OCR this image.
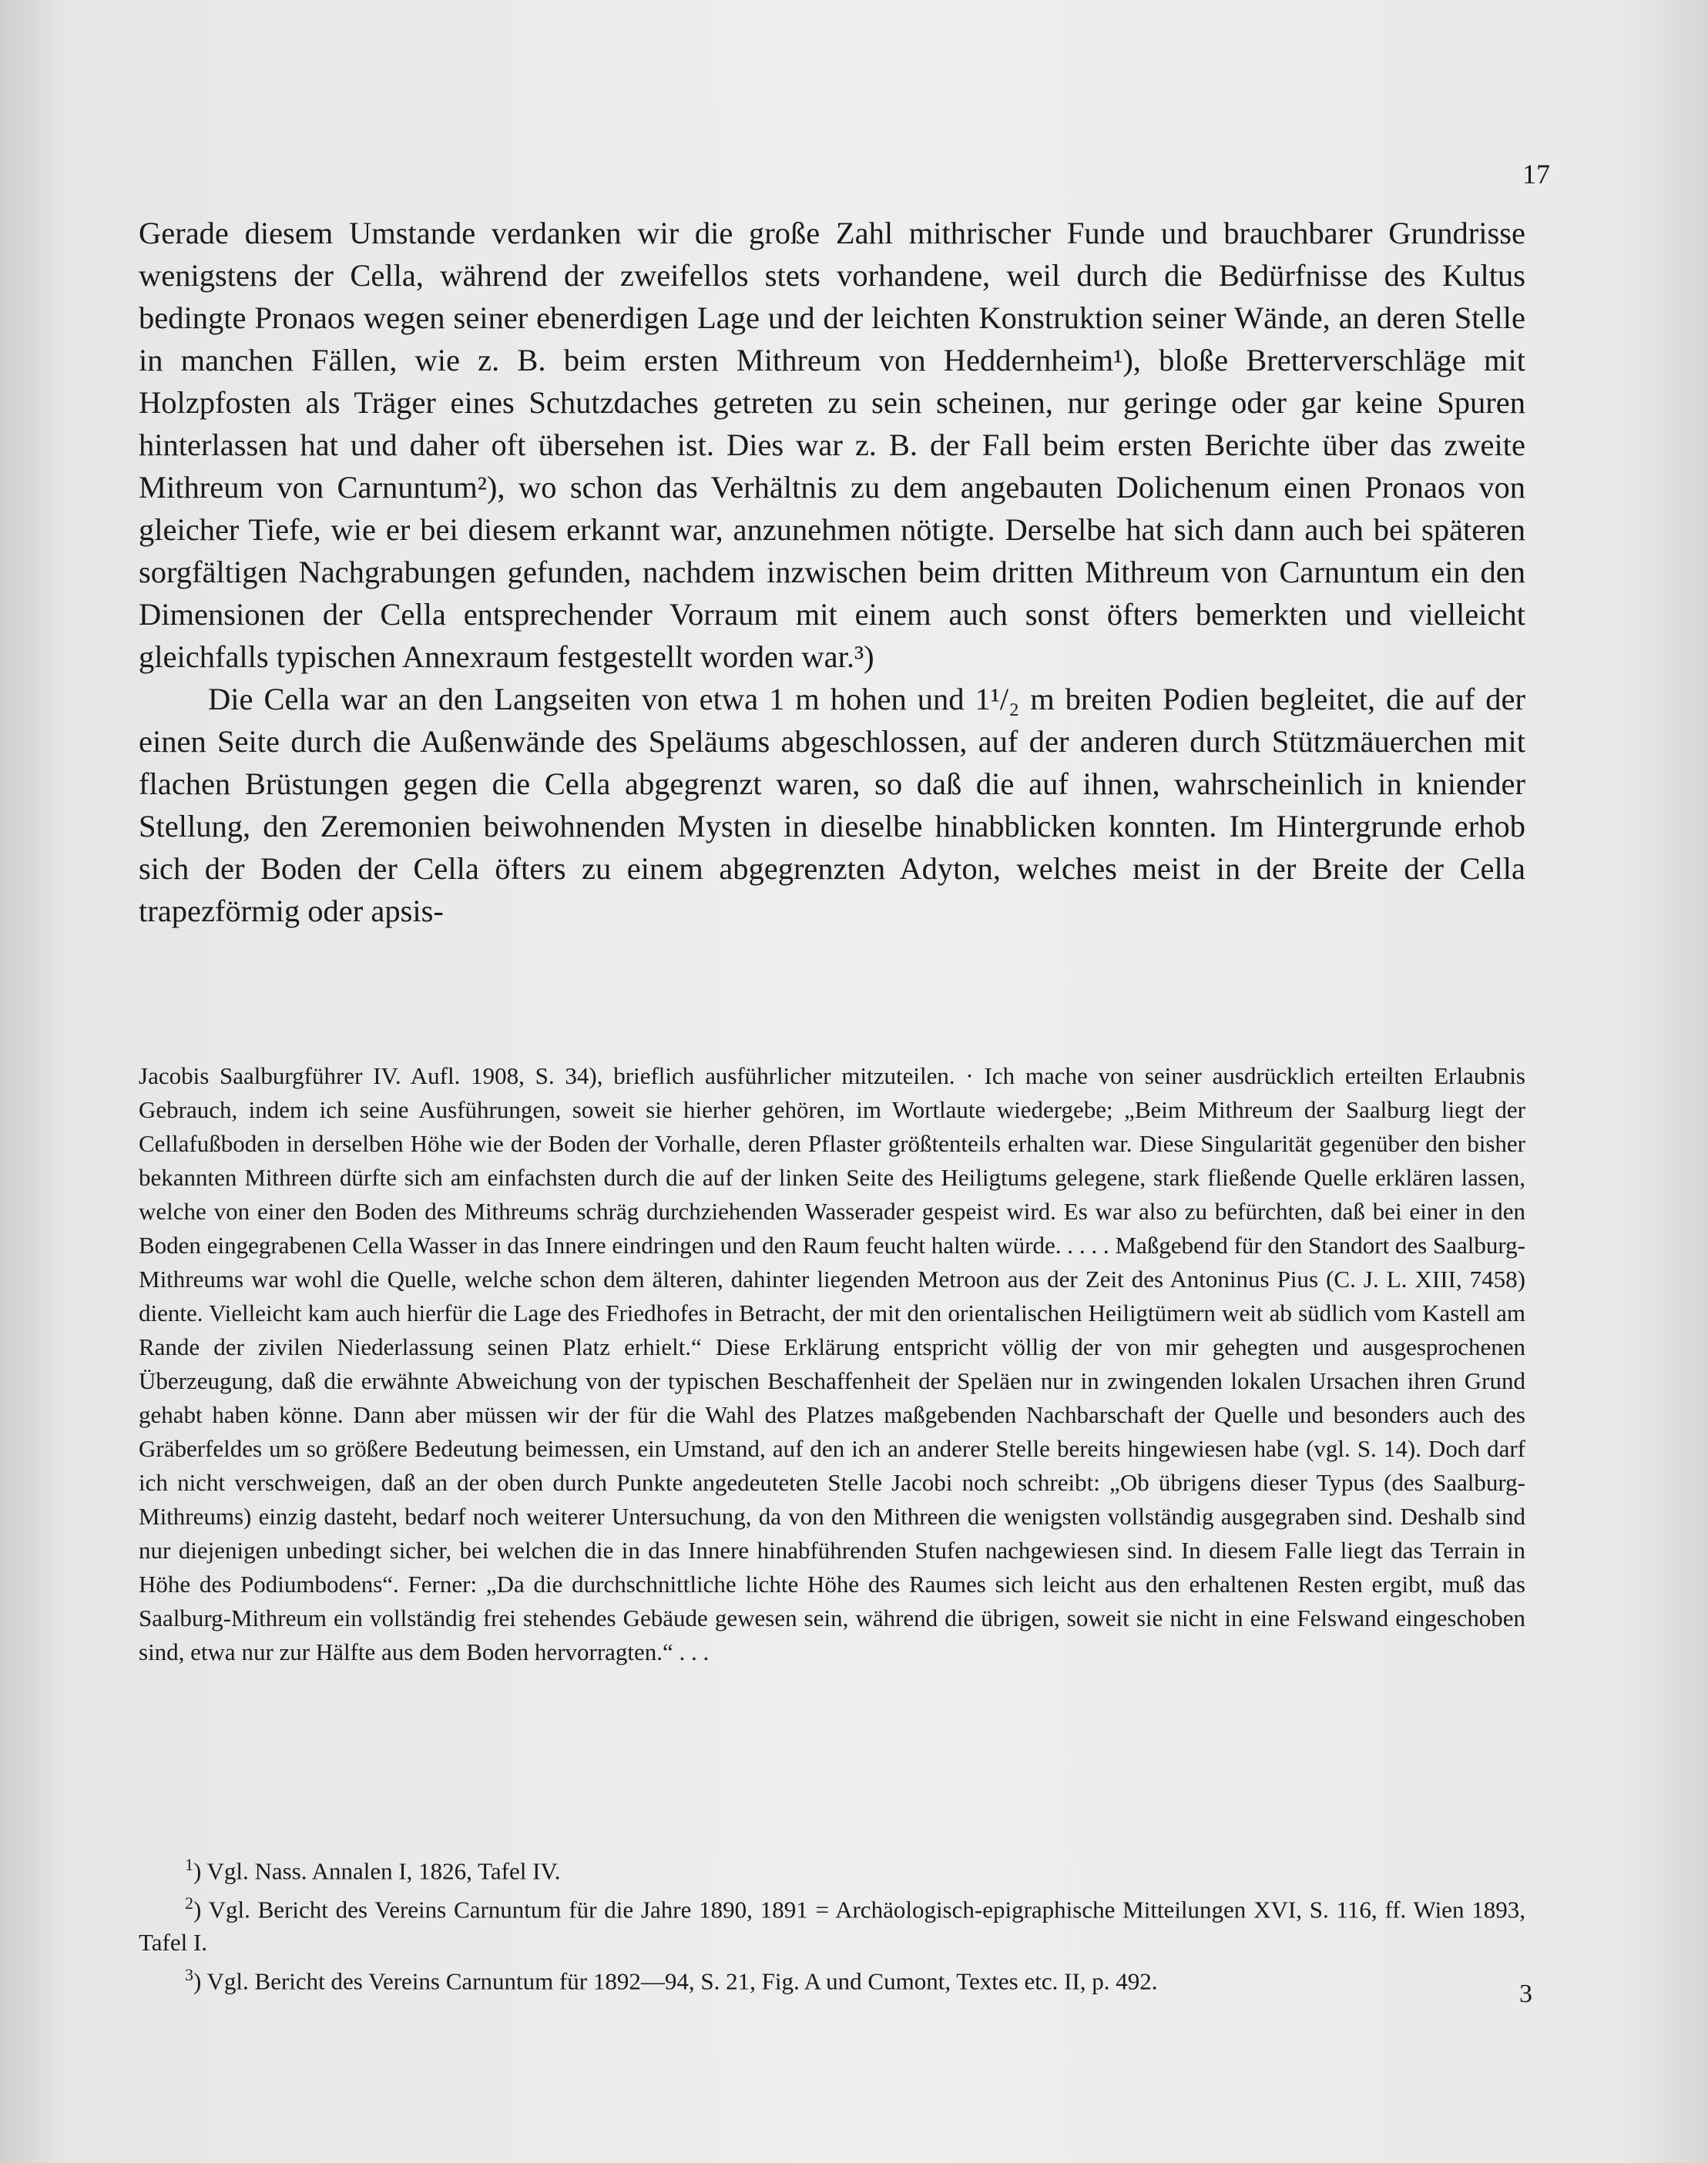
17

Gerade diesem Umstande verdanken wir die große Zahl mithrischer Funde und brauchbarer Grundrisse wenigstens der Cella, während der zweifellos stets vorhandene, weil durch die Bedürfnisse des Kultus bedingte Pronaos wegen seiner ebenerdigen Lage und der leichten Konstruktion seiner Wände, an deren Stelle in manchen Fällen, wie z. B. beim ersten Mithreum von Heddernheim¹), bloße Bretterverschläge mit Holzpfosten als Träger eines Schutzdaches getreten zu sein scheinen, nur geringe oder gar keine Spuren hinterlassen hat und daher oft übersehen ist. Dies war z. B. der Fall beim ersten Berichte über das zweite Mithreum von Carnuntum²), wo schon das Verhältnis zu dem angebauten Dolichenum einen Pronaos von gleicher Tiefe, wie er bei diesem erkannt war, anzunehmen nötigte. Derselbe hat sich dann auch bei späteren sorgfältigen Nachgrabungen gefunden, nachdem inzwischen beim dritten Mithreum von Carnuntum ein den Dimensionen der Cella entsprechender Vorraum mit einem auch sonst öfters bemerkten und vielleicht gleichfalls typischen Annexraum festgestellt worden war.³)

Die Cella war an den Langseiten von etwa 1 m hohen und 1¹/₂ m breiten Podien begleitet, die auf der einen Seite durch die Außenwände des Speläums abgeschlossen, auf der anderen durch Stützmäuerchen mit flachen Brüstungen gegen die Cella abgegrenzt waren, so daß die auf ihnen, wahrscheinlich in kniender Stellung, den Zeremonien beiwohnenden Mysten in dieselbe hinabblicken konnten. Im Hintergrunde erhob sich der Boden der Cella öfters zu einem abgegrenzten Adyton, welches meist in der Breite der Cella trapezförmig oder apsis-

Jacobis Saalburgführer IV. Aufl. 1908, S. 34), brieflich ausführlicher mitzuteilen. · Ich mache von seiner ausdrücklich erteilten Erlaubnis Gebrauch, indem ich seine Ausführungen, soweit sie hierher gehören, im Wortlaute wiedergebe; „Beim Mithreum der Saalburg liegt der Cellafußboden in derselben Höhe wie der Boden der Vorhalle, deren Pflaster größtenteils erhalten war. Diese Singularität gegenüber den bisher bekannten Mithreen dürfte sich am einfachsten durch die auf der linken Seite des Heiligtums gelegene, stark fließende Quelle erklären lassen, welche von einer den Boden des Mithreums schräg durchziehenden Wasserader gespeist wird. Es war also zu befürchten, daß bei einer in den Boden eingegrabenen Cella Wasser in das Innere eindringen und den Raum feucht halten würde. . . . . Maßgebend für den Standort des Saalburg-Mithreums war wohl die Quelle, welche schon dem älteren, dahinter liegenden Metroon aus der Zeit des Antoninus Pius (C. J. L. XIII, 7458) diente. Vielleicht kam auch hierfür die Lage des Friedhofes in Betracht, der mit den orientalischen Heiligtümern weit ab südlich vom Kastell am Rande der zivilen Niederlassung seinen Platz erhielt.“ Diese Erklärung entspricht völlig der von mir gehegten und ausgesprochenen Überzeugung, daß die erwähnte Abweichung von der typischen Beschaffenheit der Speläen nur in zwingenden lokalen Ursachen ihren Grund gehabt haben könne. Dann aber müssen wir der für die Wahl des Platzes maßgebenden Nachbarschaft der Quelle und besonders auch des Gräberfeldes um so größere Bedeutung beimessen, ein Umstand, auf den ich an anderer Stelle bereits hingewiesen habe (vgl. S. 14). Doch darf ich nicht verschweigen, daß an der oben durch Punkte angedeuteten Stelle Jacobi noch schreibt: „Ob übrigens dieser Typus (des Saalburg-Mithreums) einzig dasteht, bedarf noch weiterer Untersuchung, da von den Mithreen die wenigsten vollständig ausgegraben sind. Deshalb sind nur diejenigen unbedingt sicher, bei welchen die in das Innere hinabführenden Stufen nachgewiesen sind. In diesem Falle liegt das Terrain in Höhe des Podiumbodens“. Ferner: „Da die durchschnittliche lichte Höhe des Raumes sich leicht aus den erhaltenen Resten ergibt, muß das Saalburg-Mithreum ein vollständig frei stehendes Gebäude gewesen sein, während die übrigen, soweit sie nicht in eine Felswand eingeschoben sind, etwa nur zur Hälfte aus dem Boden hervorragten.“ . . .

$^1$) Vgl. Nass. Annalen I, 1826, Tafel IV.

$^2$) Vgl. Bericht des Vereins Carnuntum für die Jahre 1890, 1891 = Archäologisch-epigraphische Mitteilungen XVI, S. 116, ff. Wien 1893, Tafel I.

$^3$) Vgl. Bericht des Vereins Carnuntum für 1892—94, S. 21, Fig. A und Cumont, Textes etc. II, p. 492.	3
